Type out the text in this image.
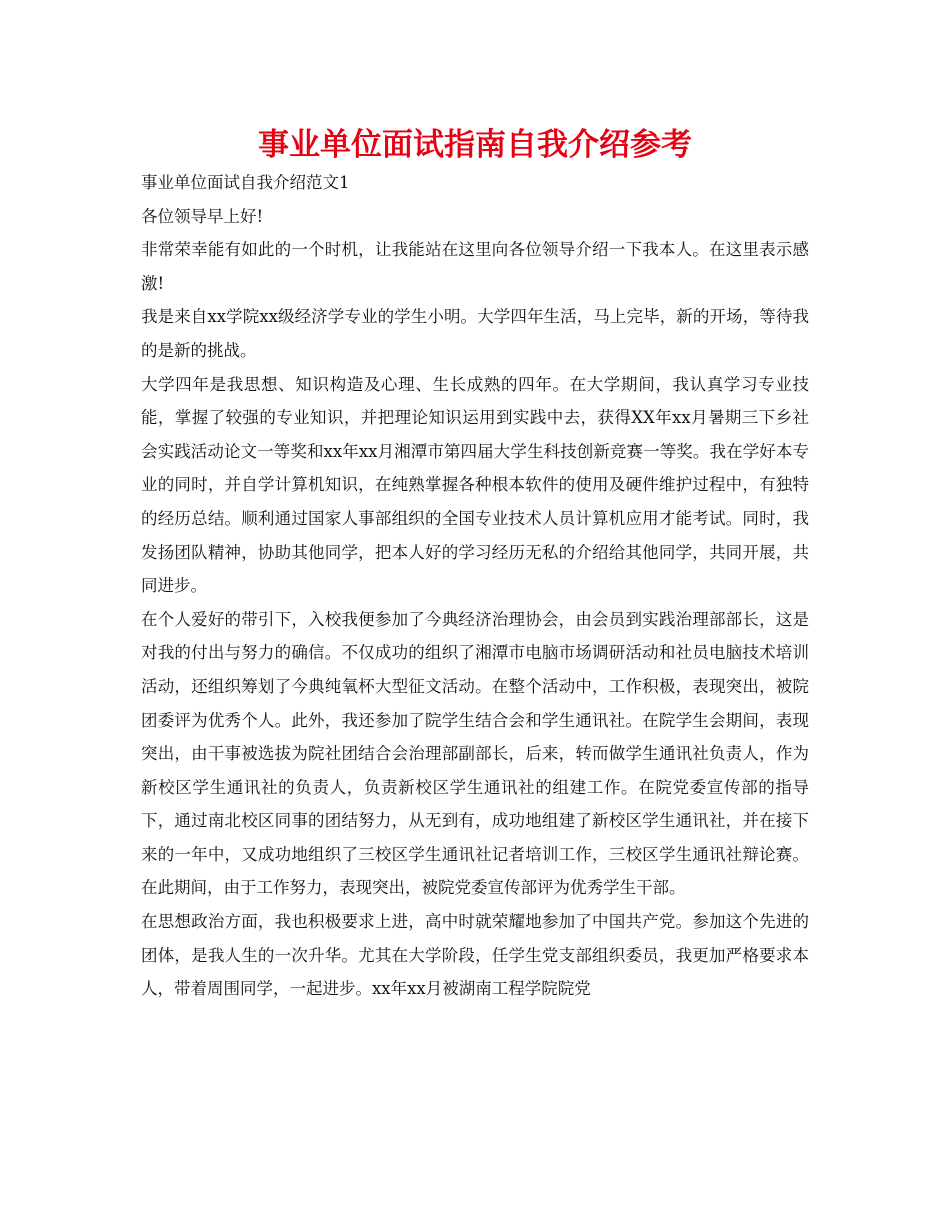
事业单位面试指南自我介绍参考

事业单位面试自我介绍范文1

各位领导早上好!

非常荣幸能有如此的一个时机，让我能站在这里向各位领导介绍一下我本人。在这里表示感激!

我是来自xx学院xx级经济学专业的学生小明。大学四年生活，马上完毕，新的开场，等待我的是新的挑战。

大学四年是我思想、知识构造及心理、生长成熟的四年。在大学期间，我认真学习专业技能，掌握了较强的专业知识，并把理论知识运用到实践中去，获得XX年xx月暑期三下乡社会实践活动论文一等奖和xx年xx月湘潭市第四届大学生科技创新竞赛一等奖。我在学好本专业的同时，并自学计算机知识，在纯熟掌握各种根本软件的使用及硬件维护过程中，有独特的经历总结。顺利通过国家人事部组织的全国专业技术人员计算机应用才能考试。同时，我发扬团队精神，协助其他同学，把本人好的学习经历无私的介绍给其他同学，共同开展，共同进步。

在个人爱好的带引下，入校我便参加了今典经济治理协会，由会员到实践治理部部长，这是对我的付出与努力的确信。不仅成功的组织了湘潭市电脑市场调研活动和社员电脑技术培训活动，还组织筹划了今典纯氧杯大型征文活动。在整个活动中，工作积极，表现突出，被院团委评为优秀个人。此外，我还参加了院学生结合会和学生通讯社。在院学生会期间，表现突出，由干事被选拔为院社团结合会治理部副部长，后来，转而做学生通讯社负责人，作为新校区学生通讯社的负责人，负责新校区学生通讯社的组建工作。在院党委宣传部的指导下，通过南北校区同事的团结努力，从无到有，成功地组建了新校区学生通讯社，并在接下来的一年中，又成功地组织了三校区学生通讯社记者培训工作，三校区学生通讯社辩论赛。在此期间，由于工作努力，表现突出，被院党委宣传部评为优秀学生干部。

在思想政治方面，我也积极要求上进，高中时就荣耀地参加了中国共产党。参加这个先进的团体，是我人生的一次升华。尤其在大学阶段，任学生党支部组织委员，我更加严格要求本人，带着周围同学，一起进步。xx年xx月被湖南工程学院院党
